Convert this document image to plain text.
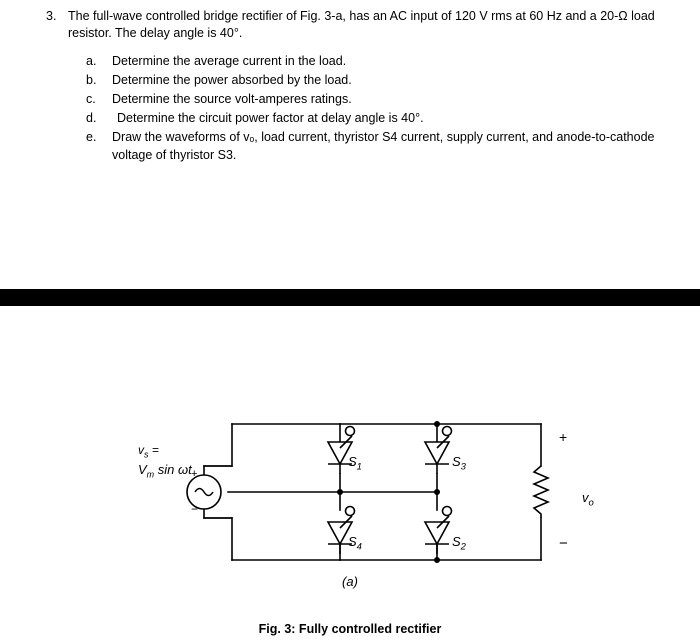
3. The full-wave controlled bridge rectifier of Fig. 3-a, has an AC input of 120 V rms at 60 Hz and a 20-Ω load resistor. The delay angle is 40°.
a.	Determine the average current in the load.
b.	Determine the power absorbed by the load.
c.	Determine the source volt-amperes ratings.
d.	Determine the circuit power factor at delay angle is 40°.
e.	Draw the waveforms of vₒ, load current, thyristor S4 current, supply current, and anode-to-cathode voltage of thyristor S3.
$v_s$ =
$V_m$ sin ωt +
−
$S_1$	$S_3$
$S_4$	$S_2$
+
−
$v_o$
(a)
Fig. 3: Fully controlled rectifier
